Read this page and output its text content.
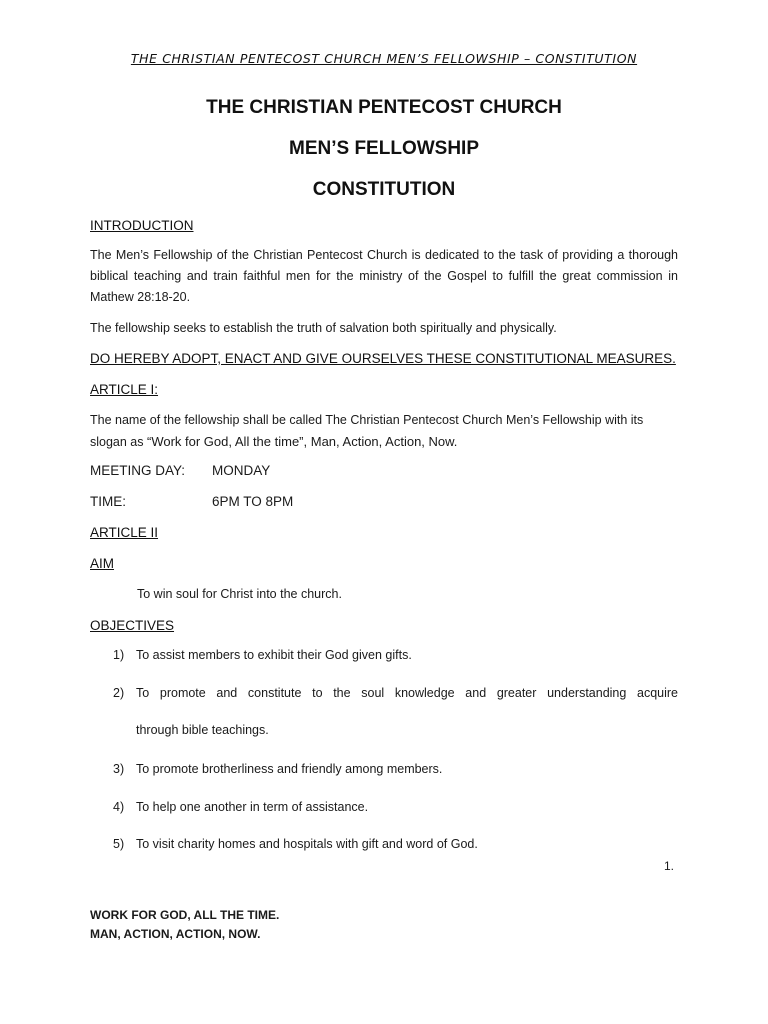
THE CHRISTIAN PENTECOST CHURCH MEN’S FELLOWSHIP – CONSTITUTION
THE CHRISTIAN PENTECOST CHURCH
MEN’S FELLOWSHIP
CONSTITUTION
INTRODUCTION
The Men’s Fellowship of the Christian Pentecost Church is dedicated to the task of providing a thorough biblical teaching and train faithful men for the ministry of the Gospel to fulfill the great commission in Mathew 28:18-20.
The fellowship seeks to establish the truth of salvation both spiritually and physically.
DO HEREBY ADOPT, ENACT AND GIVE OURSELVES THESE CONSTITUTIONAL MEASURES.
ARTICLE I:
The name of the fellowship shall be called The Christian Pentecost Church Men’s Fellowship with its slogan as “Work for God, All the time”, Man, Action, Action, Now.
MEETING DAY: MONDAY
TIME:	6PM TO 8PM
ARTICLE II
AIM
To win soul for Christ into the church.
OBJECTIVES
1) To assist members to exhibit their God given gifts.
2) To promote and constitute to the soul knowledge and greater understanding acquire
through bible teachings.
3) To promote brotherliness and friendly among members.
4) To help one another in term of assistance.
5) To visit charity homes and hospitals with gift and word of God.
1.
WORK FOR GOD, ALL THE TIME.
MAN, ACTION, ACTION, NOW.
